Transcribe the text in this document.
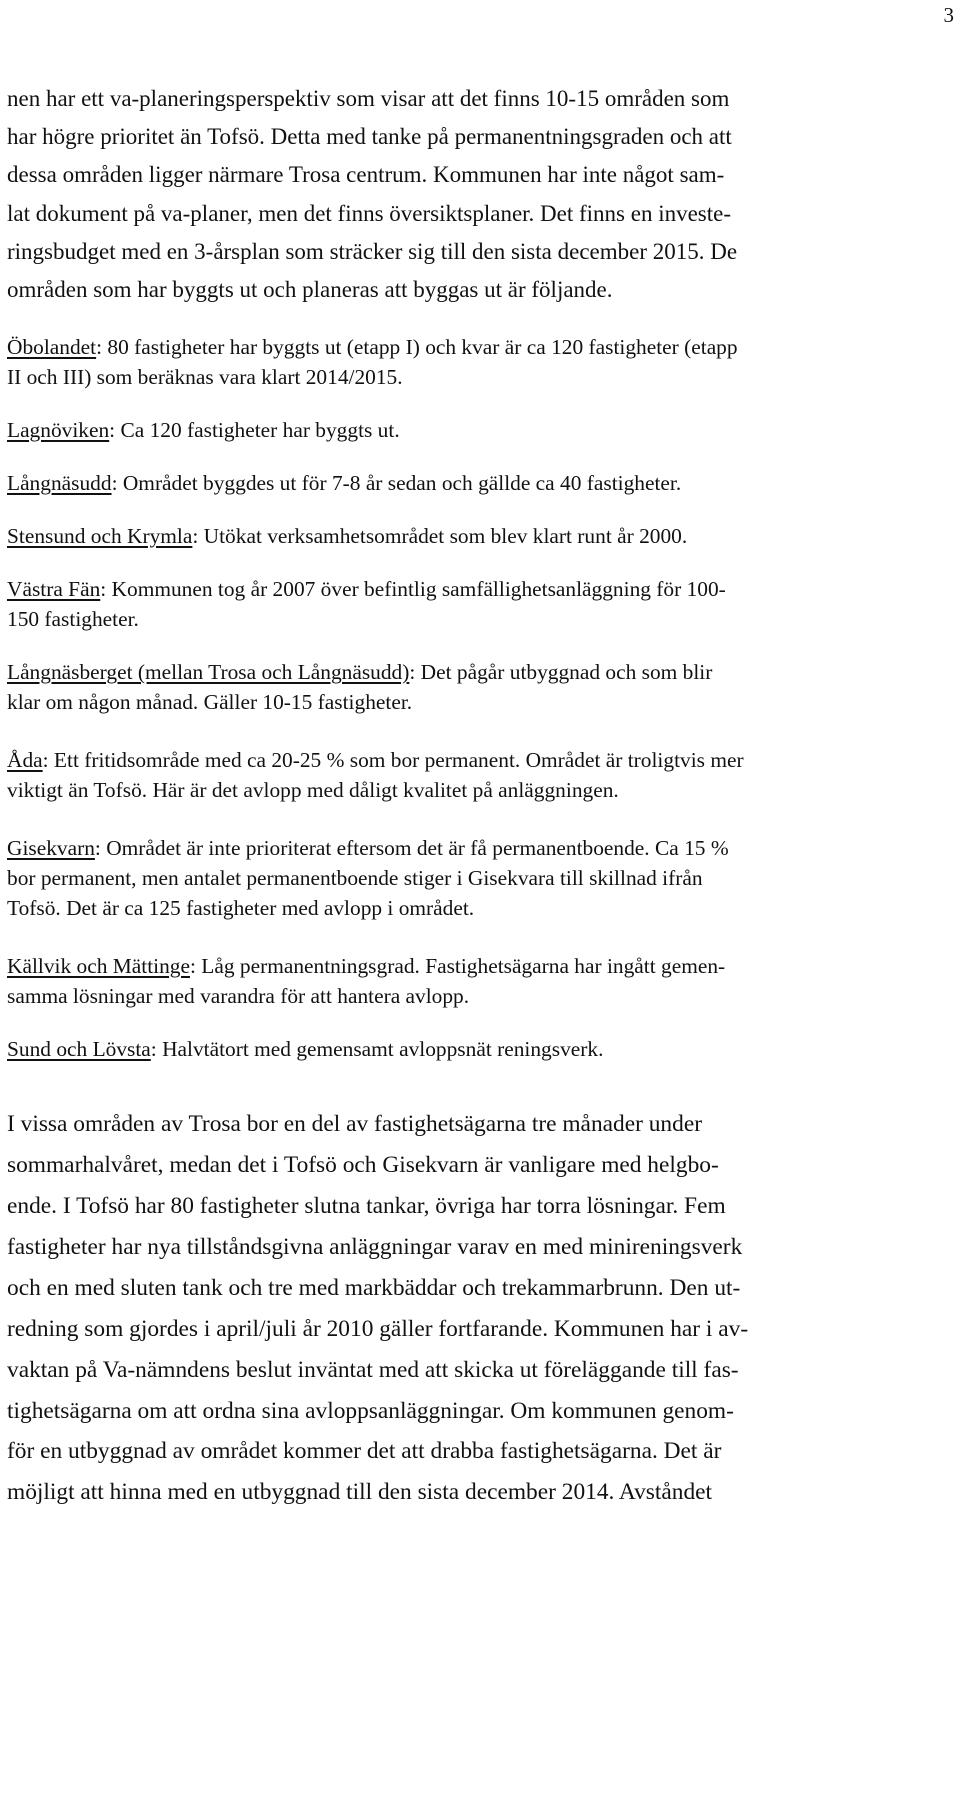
3
nen har ett va-planeringsperspektiv som visar att det finns 10-15 områden som
har högre prioritet än Tofsö. Detta med tanke på permanentningsgraden och att
dessa områden ligger närmare Trosa centrum. Kommunen har inte något sam-
lat dokument på va-planer, men det finns översiktsplaner. Det finns en investe-
ringsbudget med en 3-årsplan som sträcker sig till den sista december 2015. De
områden som har byggts ut och planeras att byggas ut är följande.
Öbolandet: 80 fastigheter har byggts ut (etapp I) och kvar är ca 120 fastigheter (etapp
II och III) som beräknas vara klart 2014/2015.
Lagnöviken: Ca 120 fastigheter har byggts ut.
Långnäsudd: Området byggdes ut för 7-8 år sedan och gällde ca 40 fastigheter.
Stensund och Krymla: Utökat verksamhetsområdet som blev klart runt år 2000.
Västra Fän: Kommunen tog år 2007 över befintlig samfällighetsanläggning för 100-
150 fastigheter.
Långnäsberget (mellan Trosa och Långnäsudd): Det pågår utbyggnad och som blir
klar om någon månad. Gäller 10-15 fastigheter.
Åda: Ett fritidsområde med ca 20-25 % som bor permanent. Området är troligtvis mer
viktigt än Tofsö. Här är det avlopp med dåligt kvalitet på anläggningen.
Gisekvarn: Området är inte prioriterat eftersom det är få permanentboende. Ca 15 %
bor permanent, men antalet permanentboende stiger i Gisekvara till skillnad ifrån
Tofsö. Det är ca 125 fastigheter med avlopp i området.
Källvik och Mättinge: Låg permanentningsgrad. Fastighetsägarna har ingått gemen-
samma lösningar med varandra för att hantera avlopp.
Sund och Lövsta: Halvtätort med gemensamt avloppsnät reningsverk.
I vissa områden av Trosa bor en del av fastighetsägarna tre månader under
sommarhalvåret, medan det i Tofsö och Gisekvarn är vanligare med helgbo-
ende. I Tofsö har 80 fastigheter slutna tankar, övriga har torra lösningar. Fem
fastigheter har nya tillståndsgivna anläggningar varav en med minireningsverk
och en med sluten tank och tre med markbäddar och trekammarbrunn. Den ut-
redning som gjordes i april/juli år 2010 gäller fortfarande. Kommunen har i av-
vaktan på Va-nämndens beslut inväntat med att skicka ut föreläggande till fas-
tighetsägarna om att ordna sina avloppsanläggningar. Om kommunen genom-
för en utbyggnad av området kommer det att drabba fastighetsägarna. Det är
möjligt att hinna med en utbyggnad till den sista december 2014. Avståndet
